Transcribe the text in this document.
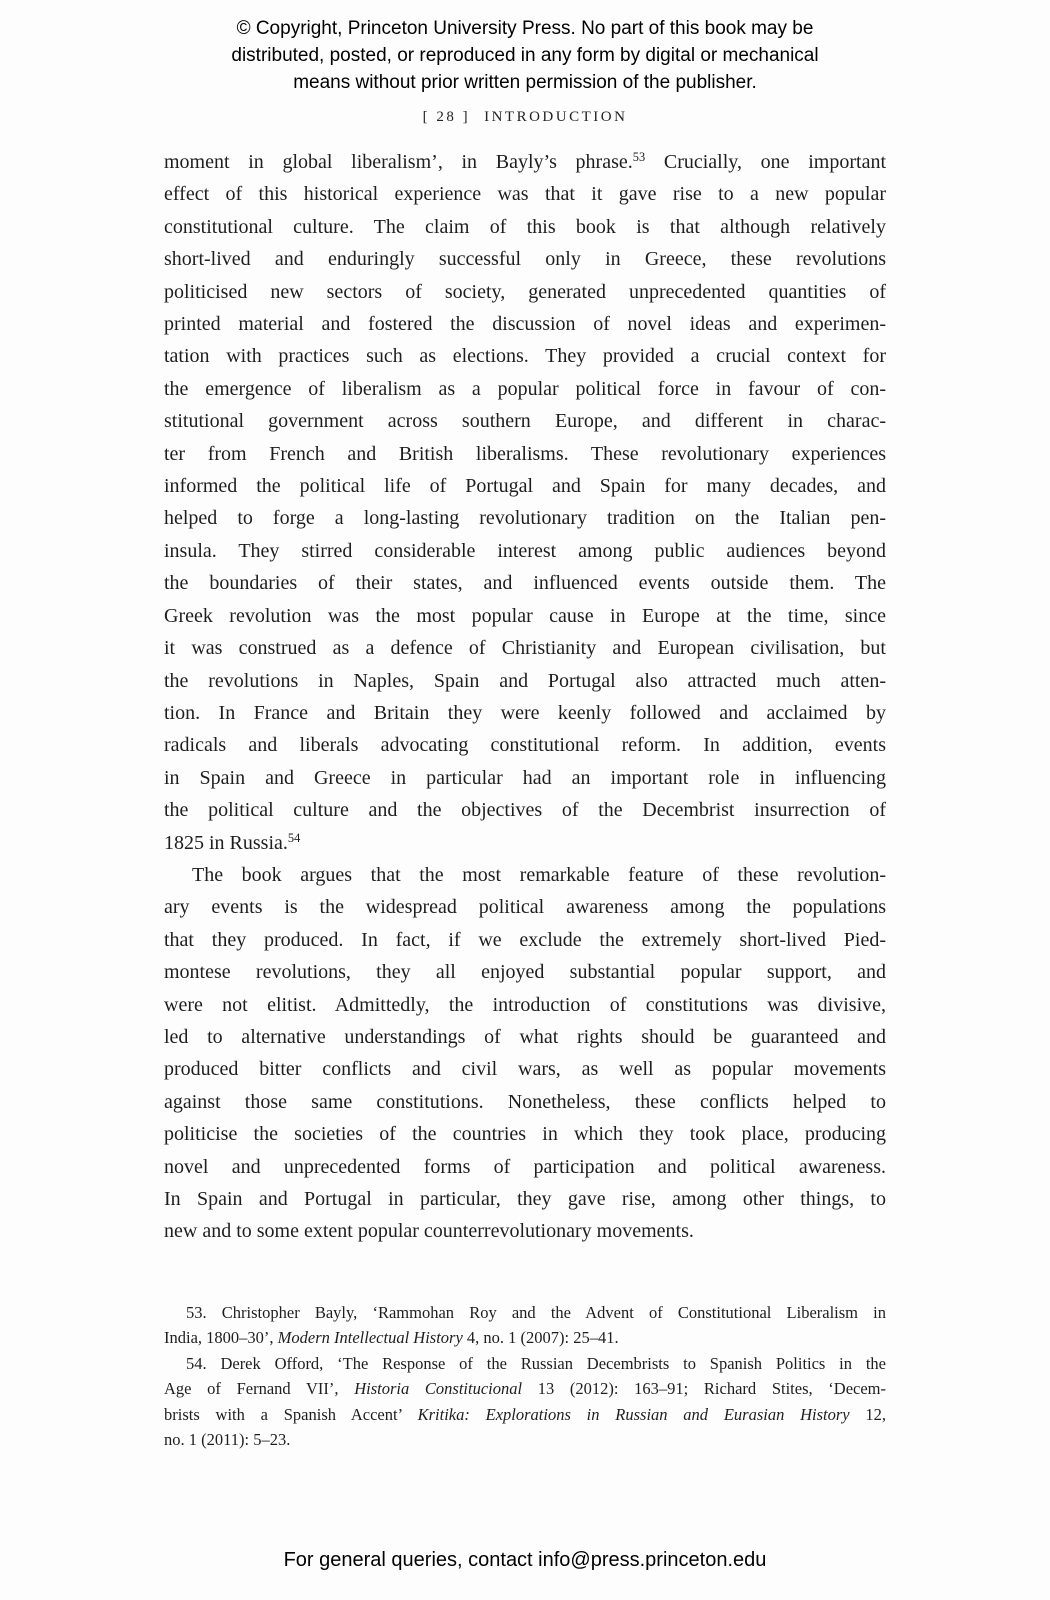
© Copyright, Princeton University Press. No part of this book may be
distributed, posted, or reproduced in any form by digital or mechanical
means without prior written permission of the publisher.
[ 28 ] INTRODUCTION
moment in global liberalism’, in Bayly’s phrase.$^{53}$ Crucially, one important
effect of this historical experience was that it gave rise to a new popular
constitutional culture. The claim of this book is that although relatively
short-lived and enduringly successful only in Greece, these revolutions
politicised new sectors of society, generated unprecedented quantities of
printed material and fostered the discussion of novel ideas and experimen-
tation with practices such as elections. They provided a crucial context for
the emergence of liberalism as a popular political force in favour of con-
stitutional government across southern Europe, and different in charac-
ter from French and British liberalisms. These revolutionary experiences
informed the political life of Portugal and Spain for many decades, and
helped to forge a long-lasting revolutionary tradition on the Italian pen-
insula. They stirred considerable interest among public audiences beyond
the boundaries of their states, and influenced events outside them. The
Greek revolution was the most popular cause in Europe at the time, since
it was construed as a defence of Christianity and European civilisation, but
the revolutions in Naples, Spain and Portugal also attracted much atten-
tion. In France and Britain they were keenly followed and acclaimed by
radicals and liberals advocating constitutional reform. In addition, events
in Spain and Greece in particular had an important role in influencing
the political culture and the objectives of the Decembrist insurrection of
1825 in Russia.$^{54}$
The book argues that the most remarkable feature of these revolution-
ary events is the widespread political awareness among the populations
that they produced. In fact, if we exclude the extremely short-lived Pied-
montese revolutions, they all enjoyed substantial popular support, and
were not elitist. Admittedly, the introduction of constitutions was divisive,
led to alternative understandings of what rights should be guaranteed and
produced bitter conflicts and civil wars, as well as popular movements
against those same constitutions. Nonetheless, these conflicts helped to
politicise the societies of the countries in which they took place, producing
novel and unprecedented forms of participation and political awareness.
In Spain and Portugal in particular, they gave rise, among other things, to
new and to some extent popular counterrevolutionary movements.
53. Christopher Bayly, ‘Rammohan Roy and the Advent of Constitutional Liberalism in
India, 1800–30’, Modern Intellectual History 4, no. 1 (2007): 25–41.
54. Derek Offord, ‘The Response of the Russian Decembrists to Spanish Politics in the
Age of Fernand VII’, Historia Constitucional 13 (2012): 163–91; Richard Stites, ‘Decem-
brists with a Spanish Accent’ Kritika: Explorations in Russian and Eurasian History 12,
no. 1 (2011): 5–23.
For general queries, contact info@press.princeton.edu
